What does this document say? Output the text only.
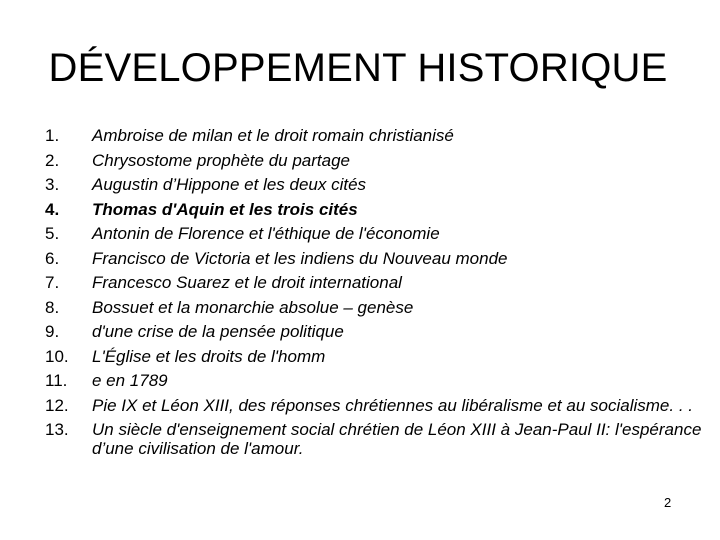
DÉVELOPPEMENT HISTORIQUE
1.	Ambroise de milan et le droit romain christianisé
2.	Chrysostome prophète du partage
3.	Augustin d’Hippone et les deux cités
4.	Thomas d'Aquin et les trois cités
5.	Antonin de Florence et l'éthique de l'économie
6.	Francisco de Victoria et les indiens du Nouveau monde
7.	Francesco Suarez et le droit international
8.	Bossuet et la monarchie absolue – genèse
9.	d'une crise de la pensée politique
10.	L'Église et les droits de l'homm
11.	e en 1789
12.	Pie IX et Léon XIII, des réponses chrétiennes au libéralisme et au socialisme. . .
13.	Un siècle d'enseignement social chrétien de Léon XIII à Jean-Paul II: l'espérance d’une civilisation de l'amour.
2
